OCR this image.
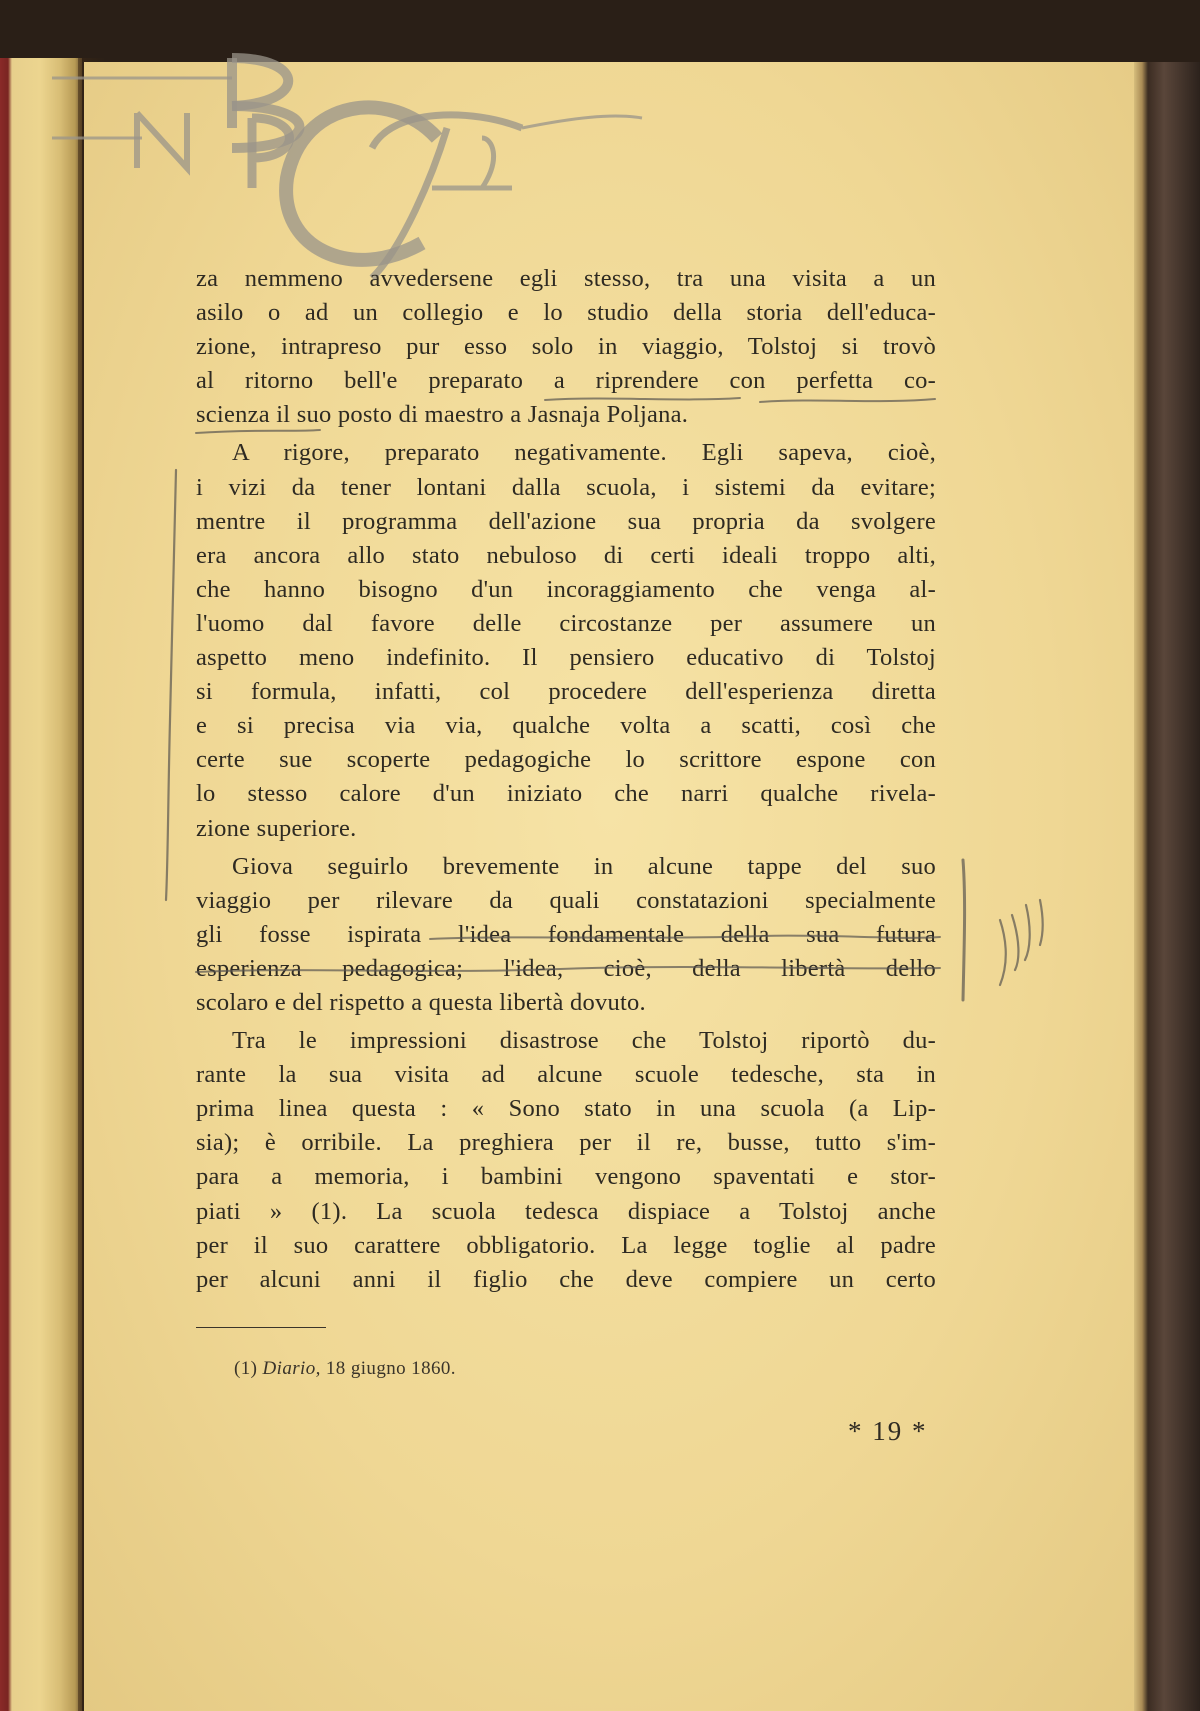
za nemmeno avvedersene egli stesso, tra una visita a un
asilo o ad un collegio e lo studio della storia dell'educa-
zione, intrapreso pur esso solo in viaggio, Tolstoj si trovò
al ritorno bell'e preparato a riprendere con perfetta co-
scienza il suo posto di maestro a Jasnaja Poljana.
A rigore, preparato negativamente. Egli sapeva, cioè,
i vizi da tener lontani dalla scuola, i sistemi da evitare;
mentre il programma dell'azione sua propria da svolgere
era ancora allo stato nebuloso di certi ideali troppo alti,
che hanno bisogno d'un incoraggiamento che venga al-
l'uomo dal favore delle circostanze per assumere un
aspetto meno indefinito. Il pensiero educativo di Tolstoj
si formula, infatti, col procedere dell'esperienza diretta
e si precisa via via, qualche volta a scatti, così che
certe sue scoperte pedagogiche lo scrittore espone con
lo stesso calore d'un iniziato che narri qualche rivela-
zione superiore.
Giova seguirlo brevemente in alcune tappe del suo
viaggio per rilevare da quali constatazioni specialmente
gli fosse ispirata l'idea fondamentale della sua futura
esperienza pedagogica; l'idea, cioè, della libertà dello
scolaro e del rispetto a questa libertà dovuto.
Tra le impressioni disastrose che Tolstoj riportò du-
rante la sua visita ad alcune scuole tedesche, sta in
prima linea questa : « Sono stato in una scuola (a Lip-
sia); è orribile. La preghiera per il re, busse, tutto s'im-
para a memoria, i bambini vengono spaventati e stor-
piati » (1). La scuola tedesca dispiace a Tolstoj anche
per il suo carattere obbligatorio. La legge toglie al padre
per alcuni anni il figlio che deve compiere un certo
(1) Diario, 18 giugno 1860.
* 19 *
